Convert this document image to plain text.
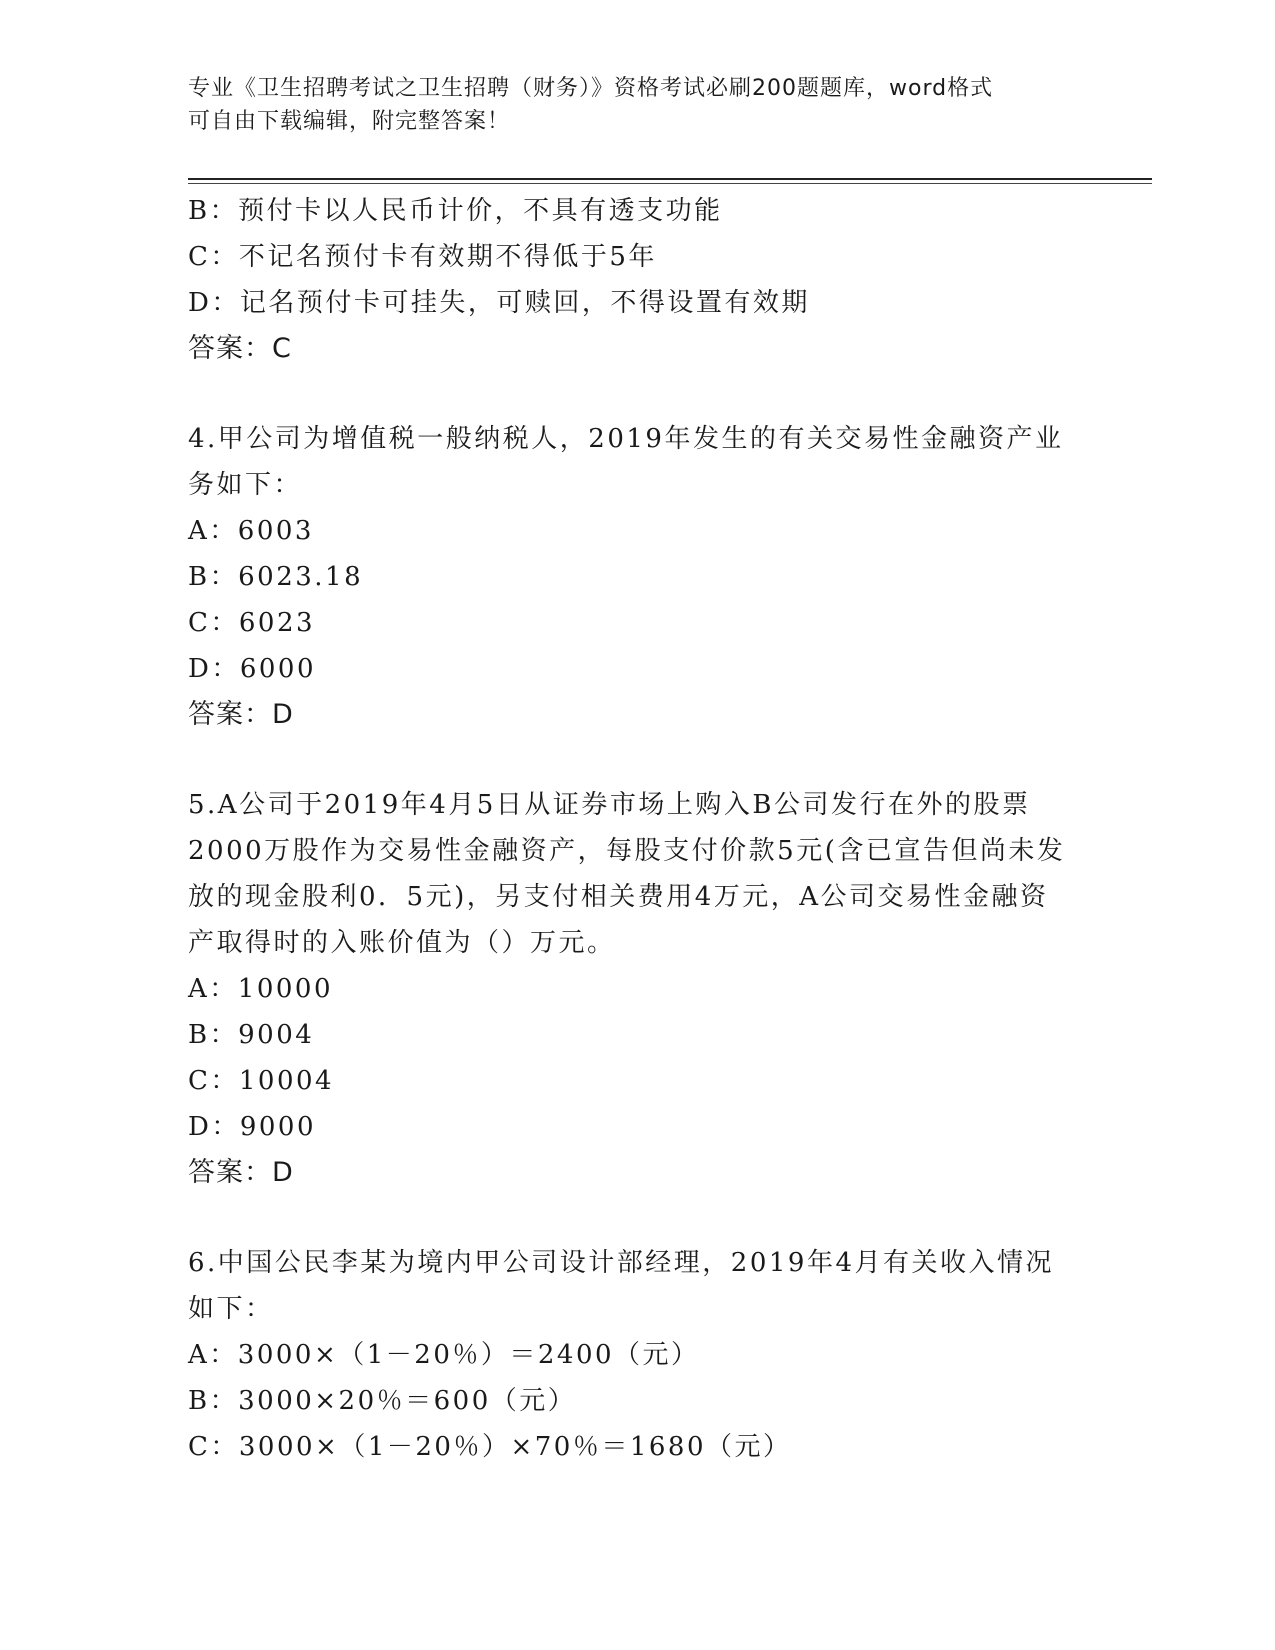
专业《卫生招聘考试之卫生招聘（财务）》资格考试必刷200题题库，word格式
可自由下载编辑，附完整答案！
B：预付卡以人民币计价，不具有透支功能
C：不记名预付卡有效期不得低于5年
D：记名预付卡可挂失，可赎回，不得设置有效期
答案：C
4.甲公司为增值税一般纳税人，2019年发生的有关交易性金融资产业
务如下：
A：6003
B：6023.18
C：6023
D：6000
答案：D
5.A公司于2019年4月5日从证券市场上购入B公司发行在外的股票
2000万股作为交易性金融资产，每股支付价款5元(含已宣告但尚未发
放的现金股利0．5元)，另支付相关费用4万元，A公司交易性金融资
产取得时的入账价值为（）万元。
A：10000
B：9004
C：10004
D：9000
答案：D
6.中国公民李某为境内甲公司设计部经理，2019年4月有关收入情况
如下：
A：3000×（1－20％）＝2400（元）
B：3000×20％＝600（元）
C：3000×（1－20％）×70％＝1680（元）
